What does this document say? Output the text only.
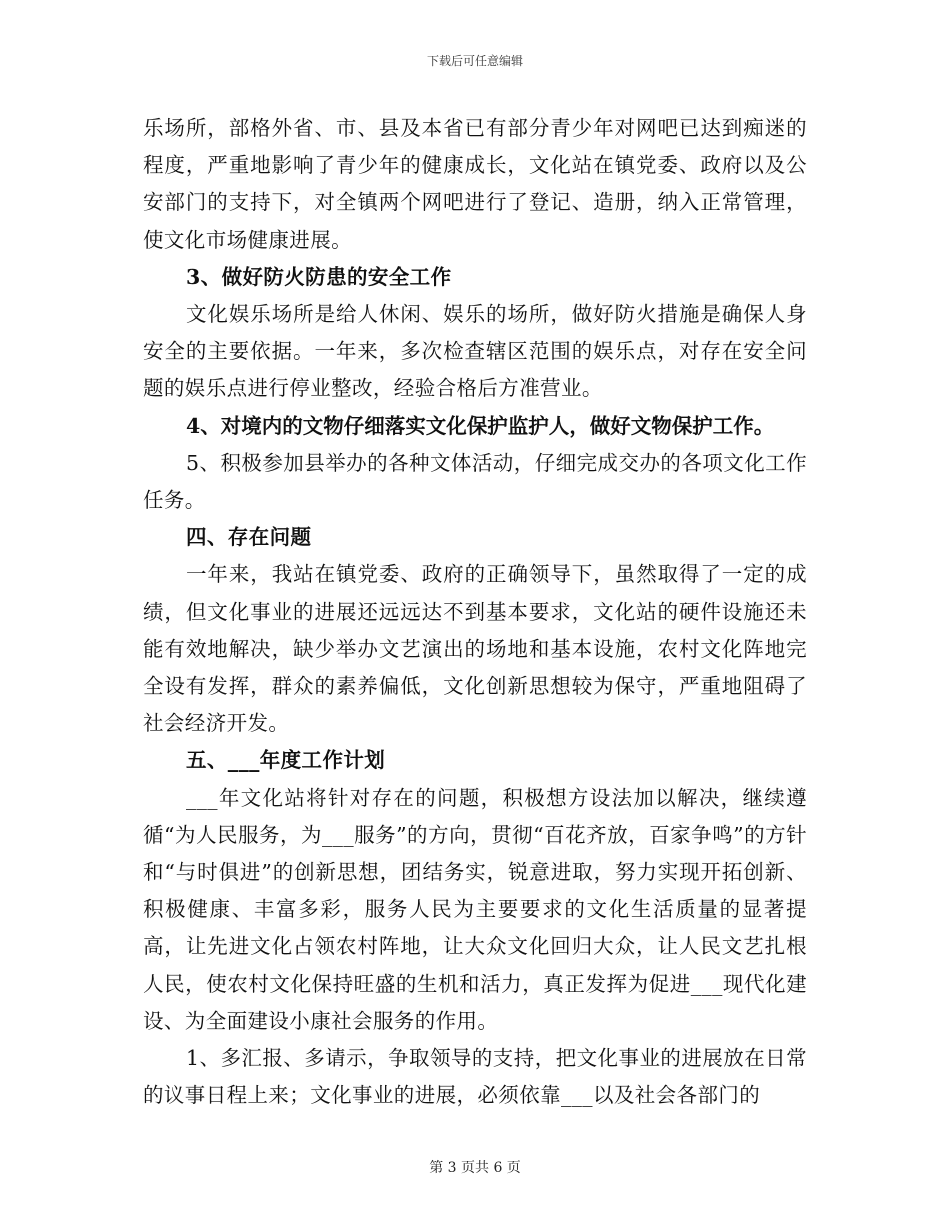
下载后可任意编辑

乐场所，部格外省、市、县及本省已有部分青少年对网吧已达到痴迷的程度，严重地影响了青少年的健康成长，文化站在镇党委、政府以及公安部门的支持下，对全镇两个网吧进行了登记、造册，纳入正常管理，使文化市场健康进展。

3、做好防火防患的安全工作

文化娱乐场所是给人休闲、娱乐的场所，做好防火措施是确保人身安全的主要依据。一年来，多次检查辖区范围的娱乐点，对存在安全问题的娱乐点进行停业整改，经验合格后方准营业。

4、对境内的文物仔细落实文化保护监护人，做好文物保护工作。

5、积极参加县举办的各种文体活动，仔细完成交办的各项文化工作任务。

四、存在问题

一年来，我站在镇党委、政府的正确领导下，虽然取得了一定的成绩，但文化事业的进展还远远达不到基本要求，文化站的硬件设施还未能有效地解决，缺少举办文艺演出的场地和基本设施，农村文化阵地完全设有发挥，群众的素养偏低，文化创新思想较为保守，严重地阻碍了社会经济开发。

五、___年度工作计划

___年文化站将针对存在的问题，积极想方设法加以解决，继续遵循“为人民服务，为___服务”的方向，贯彻“百花齐放，百家争鸣”的方针和“与时俱进”的创新思想，团结务实，锐意进取，努力实现开拓创新、积极健康、丰富多彩，服务人民为主要要求的文化生活质量的显著提高，让先进文化占领农村阵地，让大众文化回归大众，让人民文艺扎根人民，使农村文化保持旺盛的生机和活力，真正发挥为促进___现代化建设、为全面建设小康社会服务的作用。

1、多汇报、多请示，争取领导的支持，把文化事业的进展放在日常的议事日程上来；文化事业的进展，必须依靠___以及社会各部门的

第 3 页共 6 页
